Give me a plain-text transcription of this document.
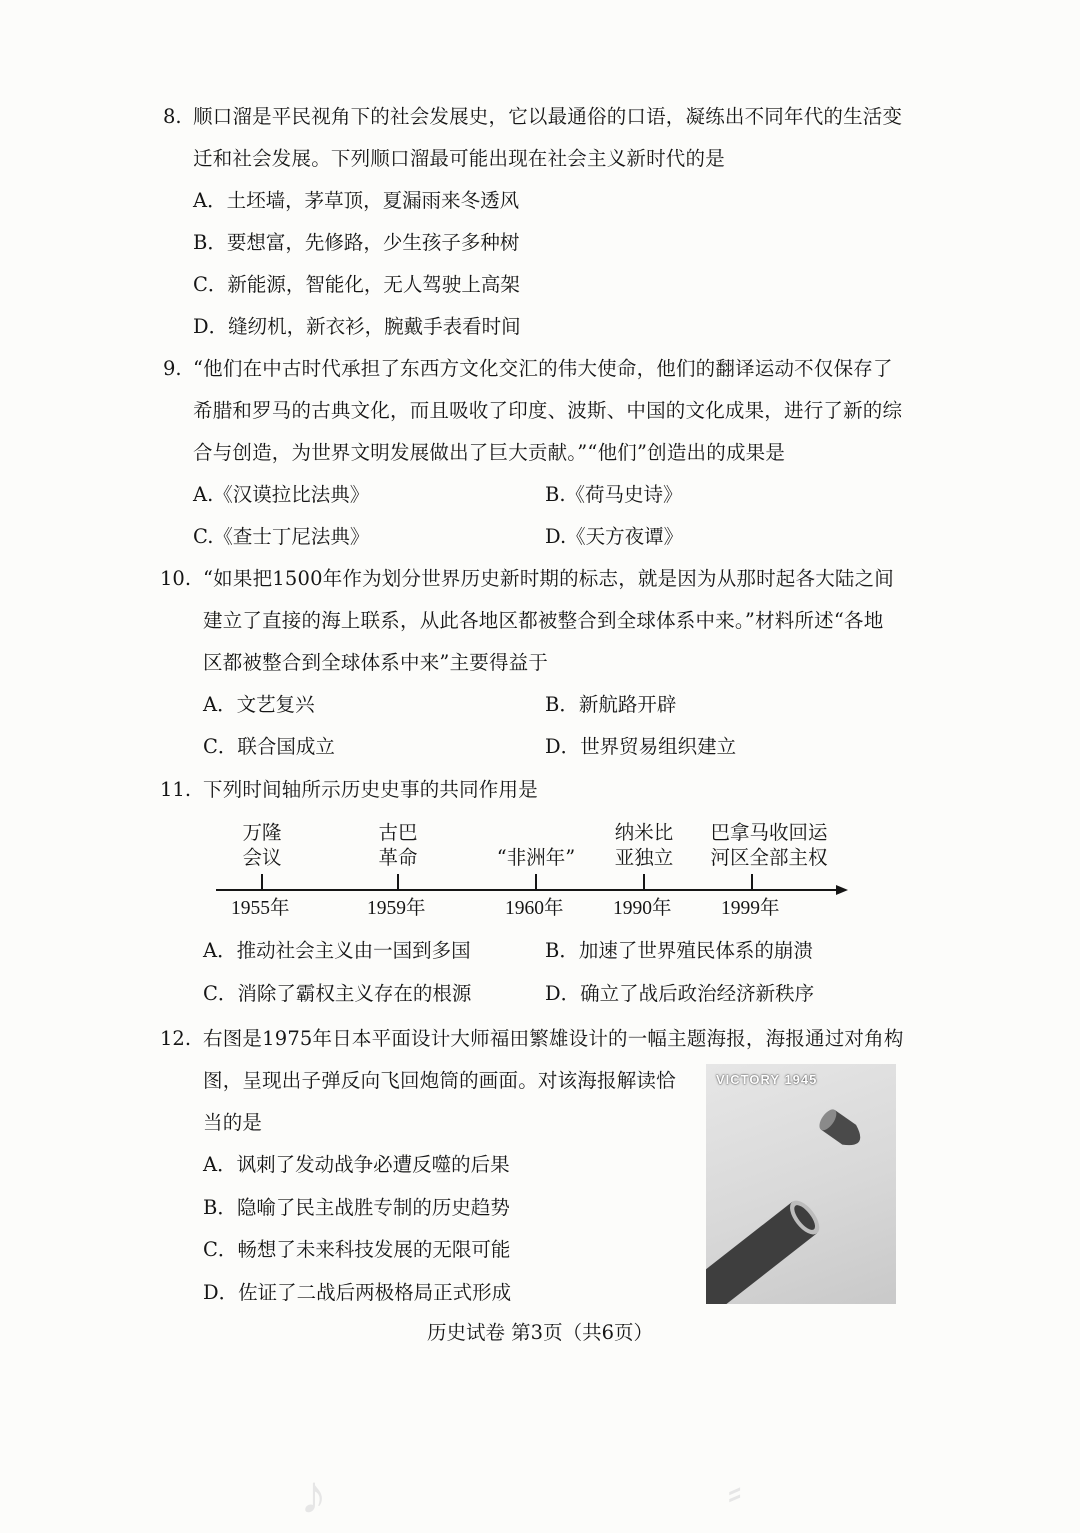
8. 顺口溜是平民视角下的社会发展史，它以最通俗的口语，凝练出不同年代的生活变
迁和社会发展。下列顺口溜最可能出现在社会主义新时代的是
A．土坯墙，茅草顶，夏漏雨来冬透风
B．要想富，先修路，少生孩子多种树
C．新能源，智能化，无人驾驶上高架
D．缝纫机，新衣衫，腕戴手表看时间
9. “他们在中古时代承担了东西方文化交汇的伟大使命，他们的翻译运动不仅保存了
希腊和罗马的古典文化，而且吸收了印度、波斯、中国的文化成果，进行了新的综
合与创造，为世界文明发展做出了巨大贡献。”“他们”创造出的成果是
A.《汉谟拉比法典》	B.《荷马史诗》
C.《查士丁尼法典》	D.《天方夜谭》
10. “如果把1500年作为划分世界历史新时期的标志，就是因为从那时起各大陆之间
建立了直接的海上联系，从此各地区都被整合到全球体系中来。”材料所述“各地
区都被整合到全球体系中来”主要得益于
A．文艺复兴	B．新航路开辟
C．联合国成立	D．世界贸易组织建立
11. 下列时间轴所示历史史事的共同作用是
万隆
会议
古巴
革命	“非洲年”
纳米比
亚独立
巴拿马收回运
河区全部主权
1955年	1959年	1960年	1990年	1999年
A．推动社会主义由一国到多国	B．加速了世界殖民体系的崩溃
C．消除了霸权主义存在的根源	D．确立了战后政治经济新秩序
12. 右图是1975年日本平面设计大师福田繁雄设计的一幅主题海报，海报通过对角构
图，呈现出子弹反向飞回炮筒的画面。对该海报解读恰
当的是
A．讽刺了发动战争必遭反噬的后果
B．隐喻了民主战胜专制的历史趋势
C．畅想了未来科技发展的无限可能
D．佐证了二战后两极格局正式形成
VICTORY 1945
历史试卷 第3页（共6页）
♪	⸗
